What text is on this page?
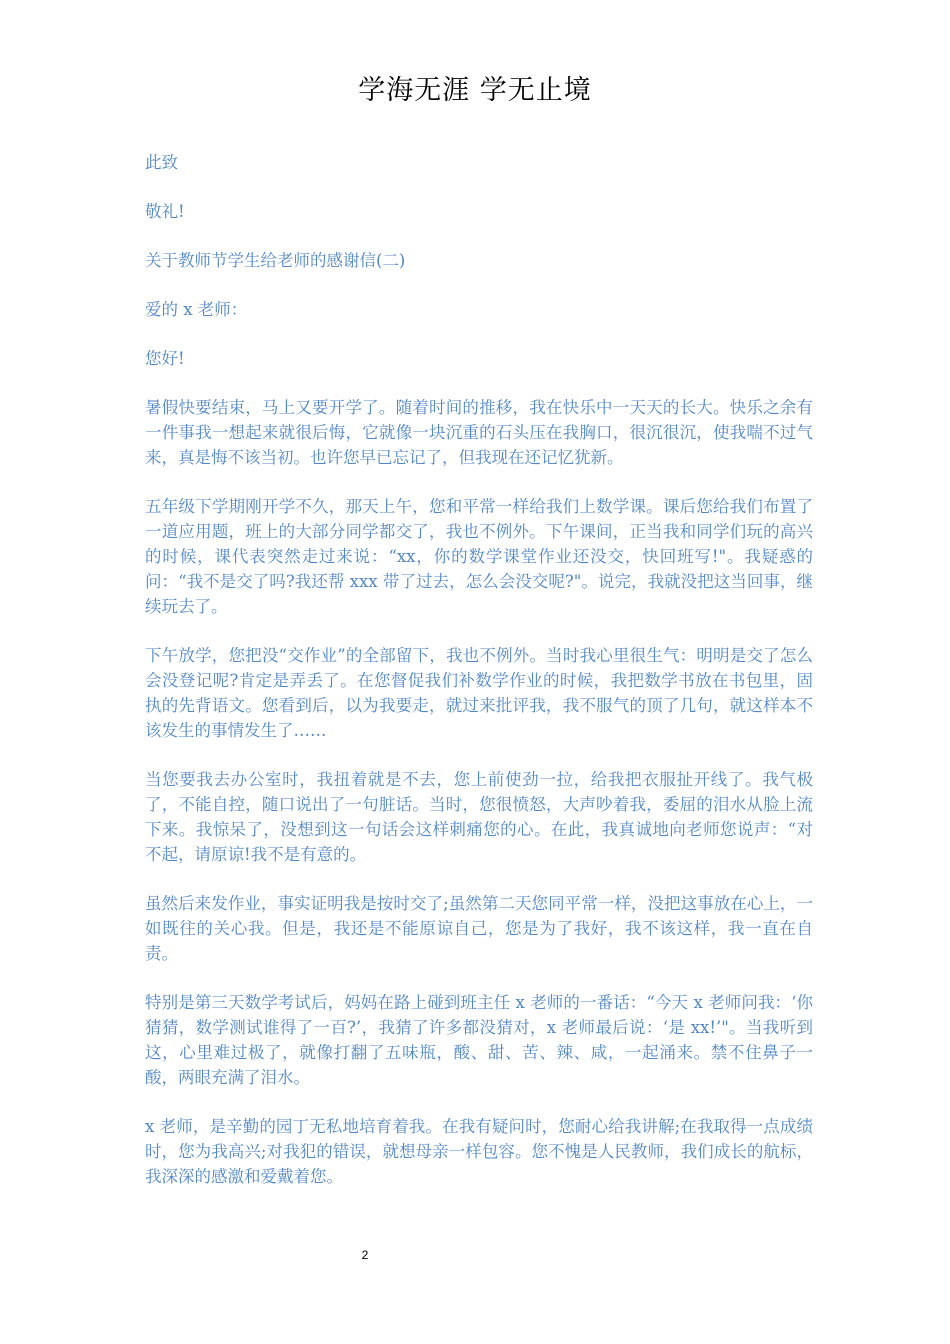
学海无涯 学无止境

此致

敬礼!

关于教师节学生给老师的感谢信(二)

爱的 x 老师：

您好!

暑假快要结束，马上又要开学了。随着时间的推移，我在快乐中一天天的长大。快乐之余有一件事我一想起来就很后悔，它就像一块沉重的石头压在我胸口，很沉很沉，使我喘不过气来，真是悔不该当初。也许您早已忘记了，但我现在还记忆犹新。

五年级下学期刚开学不久，那天上午，您和平常一样给我们上数学课。课后您给我们布置了一道应用题，班上的大部分同学都交了，我也不例外。下午课间，正当我和同学们玩的高兴的时候，课代表突然走过来说：“xx，你的数学课堂作业还没交，快回班写!"。我疑惑的问：“我不是交了吗?我还帮 xxx 带了过去，怎么会没交呢?"。说完，我就没把这当回事，继续玩去了。

下午放学，您把没“交作业”的全部留下，我也不例外。当时我心里很生气：明明是交了怎么会没登记呢?肯定是弄丢了。在您督促我们补数学作业的时候，我把数学书放在书包里，固执的先背语文。您看到后，以为我要走，就过来批评我，我不服气的顶了几句，就这样本不该发生的事情发生了……

当您要我去办公室时，我扭着就是不去，您上前使劲一拉，给我把衣服扯开线了。我气极了，不能自控，随口说出了一句脏话。当时，您很愤怒，大声吵着我，委屈的泪水从脸上流下来。我惊呆了，没想到这一句话会这样刺痛您的心。在此，我真诚地向老师您说声：“对不起，请原谅!我不是有意的。

虽然后来发作业，事实证明我是按时交了;虽然第二天您同平常一样，没把这事放在心上，一如既往的关心我。但是，我还是不能原谅自己，您是为了我好，我不该这样，我一直在自责。

特别是第三天数学考试后，妈妈在路上碰到班主任 x 老师的一番话：“今天 x 老师问我：‘你猜猜，数学测试谁得了一百?’，我猜了许多都没猜对，x 老师最后说：‘是 xx!’"。当我听到这，心里难过极了，就像打翻了五味瓶，酸、甜、苦、辣、咸，一起涌来。禁不住鼻子一酸，两眼充满了泪水。

x 老师，是辛勤的园丁无私地培育着我。在我有疑问时，您耐心给我讲解;在我取得一点成绩时，您为我高兴;对我犯的错误，就想母亲一样包容。您不愧是人民教师，我们成长的航标，我深深的感激和爱戴着您。

2
